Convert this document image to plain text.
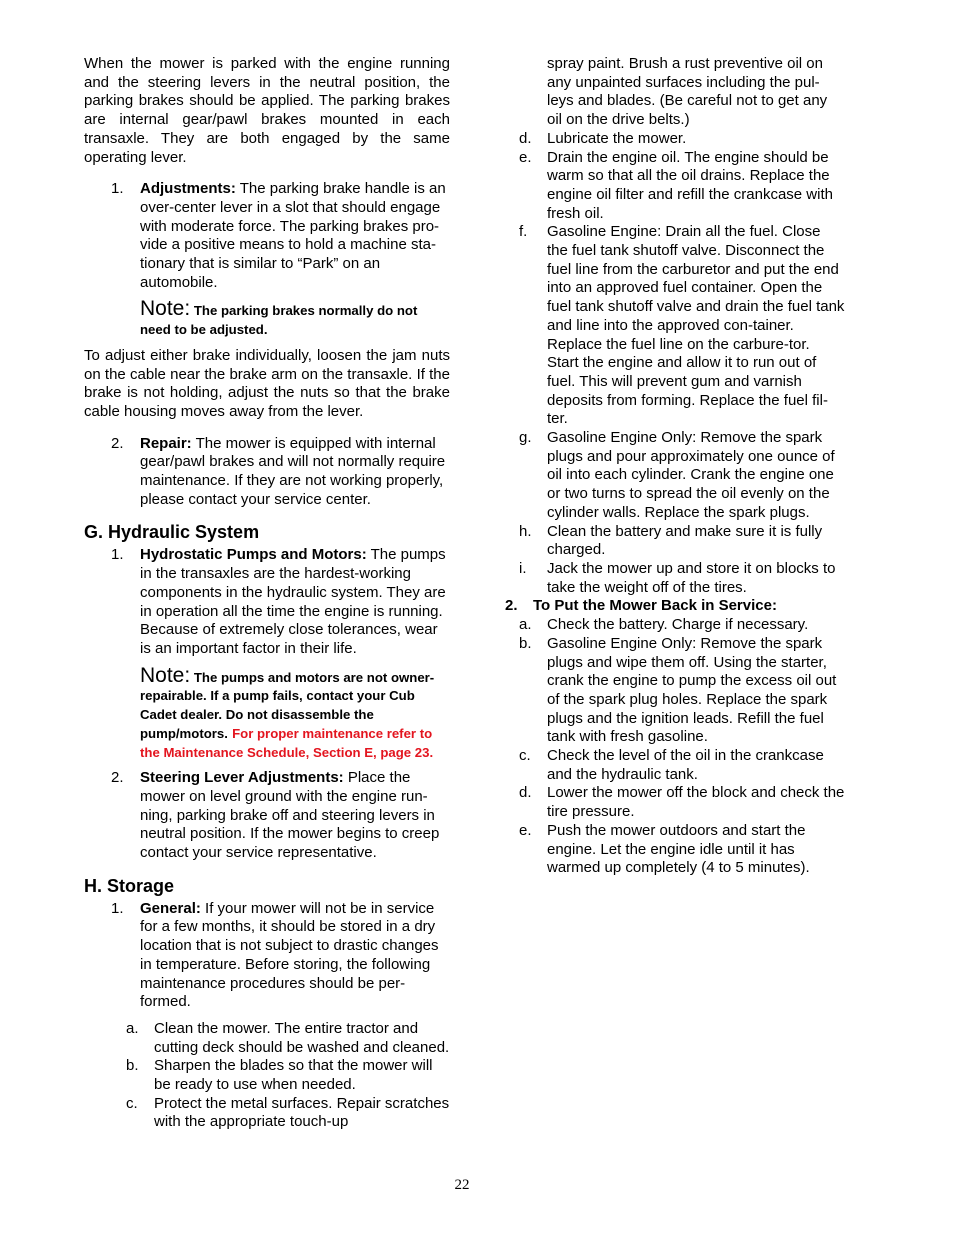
When the mower is parked with the engine running and the steering levers in the neutral position, the parking brakes should be applied. The parking brakes are internal gear/pawl brakes mounted in each transaxle. They are both engaged by the same operating lever.

1.	Adjustments: The parking brake handle is an over-center lever in a slot that should engage with moderate force. The parking brakes pro-vide a positive means to hold a machine sta-tionary that is similar to “Park” on an automobile.

Note: The parking brakes normally do not need to be adjusted.

To adjust either brake individually, loosen the jam nuts on the cable near the brake arm on the transaxle. If the brake is not holding, adjust the nuts so that the brake cable housing moves away from the lever.

2.	Repair: The mower is equipped with internal gear/pawl brakes and will not normally require maintenance. If they are not working properly, please contact your service center.
G. Hydraulic System
1.	Hydrostatic Pumps and Motors: The pumps in the transaxles are the hardest-working components in the hydraulic system. They are in operation all the time the engine is running. Because of extremely close tolerances, wear is an important factor in their life.

Note: The pumps and motors are not owner-repairable. If a pump fails, contact your Cub Cadet dealer. Do not disassemble the pump/motors. For proper maintenance refer to the Maintenance Schedule, Section E, page 23.

2.	Steering Lever Adjustments: Place the mower on level ground with the engine run-ning, parking brake off and steering levers in neutral position. If the mower begins to creep contact your service representative.
H. Storage
1.	General: If your mower will not be in service for a few months, it should be stored in a dry location that is not subject to drastic changes in temperature. Before storing, the following maintenance procedures should be per-formed.
a.	Clean the mower. The entire tractor and cutting deck should be washed and cleaned.
b.	Sharpen the blades so that the mower will be ready to use when needed.
c.	Protect the metal surfaces. Repair scratches with the appropriate touch-up

spray paint. Brush a rust preventive oil on any unpainted surfaces including the pul-leys and blades. (Be careful not to get any oil on the drive belts.)

d.	Lubricate the mower.
e.	Drain the engine oil. The engine should be warm so that all the oil drains. Replace the engine oil filter and refill the crankcase with fresh oil.
f.	Gasoline Engine: Drain all the fuel. Close the fuel tank shutoff valve. Disconnect the fuel line from the carburetor and put the end into an approved fuel container. Open the fuel tank shutoff valve and drain the fuel tank and line into the approved con-tainer. Replace the fuel line on the carbure-tor. Start the engine and allow it to run out of fuel. This will prevent gum and varnish deposits from forming. Replace the fuel fil-ter.
g.	Gasoline Engine Only: Remove the spark plugs and pour approximately one ounce of oil into each cylinder. Crank the engine one or two turns to spread the oil evenly on the cylinder walls. Replace the spark plugs.
h.	Clean the battery and make sure it is fully charged.
i.	Jack the mower up and store it on blocks to take the weight off of the tires.
2.	To Put the Mower Back in Service:
a.	Check the battery. Charge if necessary.
b.	Gasoline Engine Only: Remove the spark plugs and wipe them off. Using the starter, crank the engine to pump the excess oil out of the spark plug holes. Replace the spark plugs and the ignition leads. Refill the fuel tank with fresh gasoline.
c.	Check the level of the oil in the crankcase and the hydraulic tank.
d.	Lower the mower off the block and check the tire pressure.
e.	Push the mower outdoors and start the engine. Let the engine idle until it has warmed up completely (4 to 5 minutes).
22
